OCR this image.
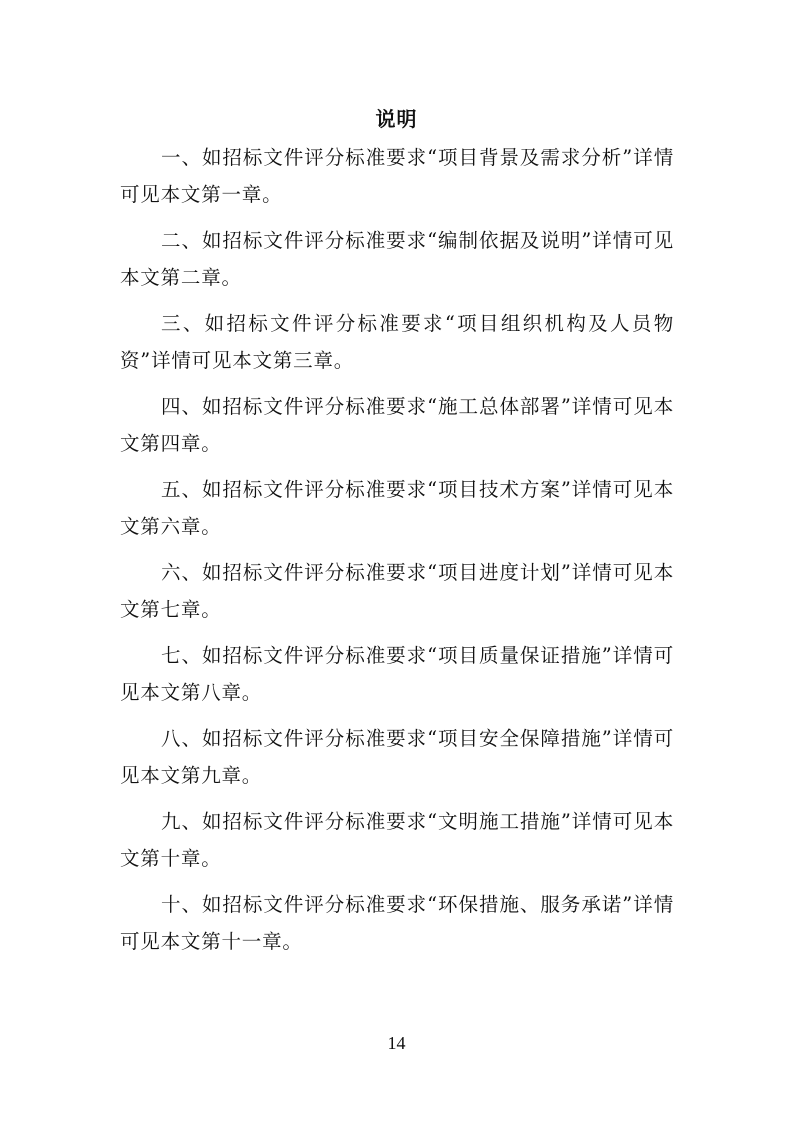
说明

一、如招标文件评分标准要求“项目背景及需求分析”详情可见本文第一章。

二、如招标文件评分标准要求“编制依据及说明”详情可见本文第二章。

三、如招标文件评分标准要求“项目组织机构及人员物资”详情可见本文第三章。

四、如招标文件评分标准要求“施工总体部署”详情可见本文第四章。

五、如招标文件评分标准要求“项目技术方案”详情可见本文第六章。

六、如招标文件评分标准要求“项目进度计划”详情可见本文第七章。

七、如招标文件评分标准要求“项目质量保证措施”详情可见本文第八章。

八、如招标文件评分标准要求“项目安全保障措施”详情可见本文第九章。

九、如招标文件评分标准要求“文明施工措施”详情可见本文第十章。

十、如招标文件评分标准要求“环保措施、服务承诺”详情可见本文第十一章。

14
